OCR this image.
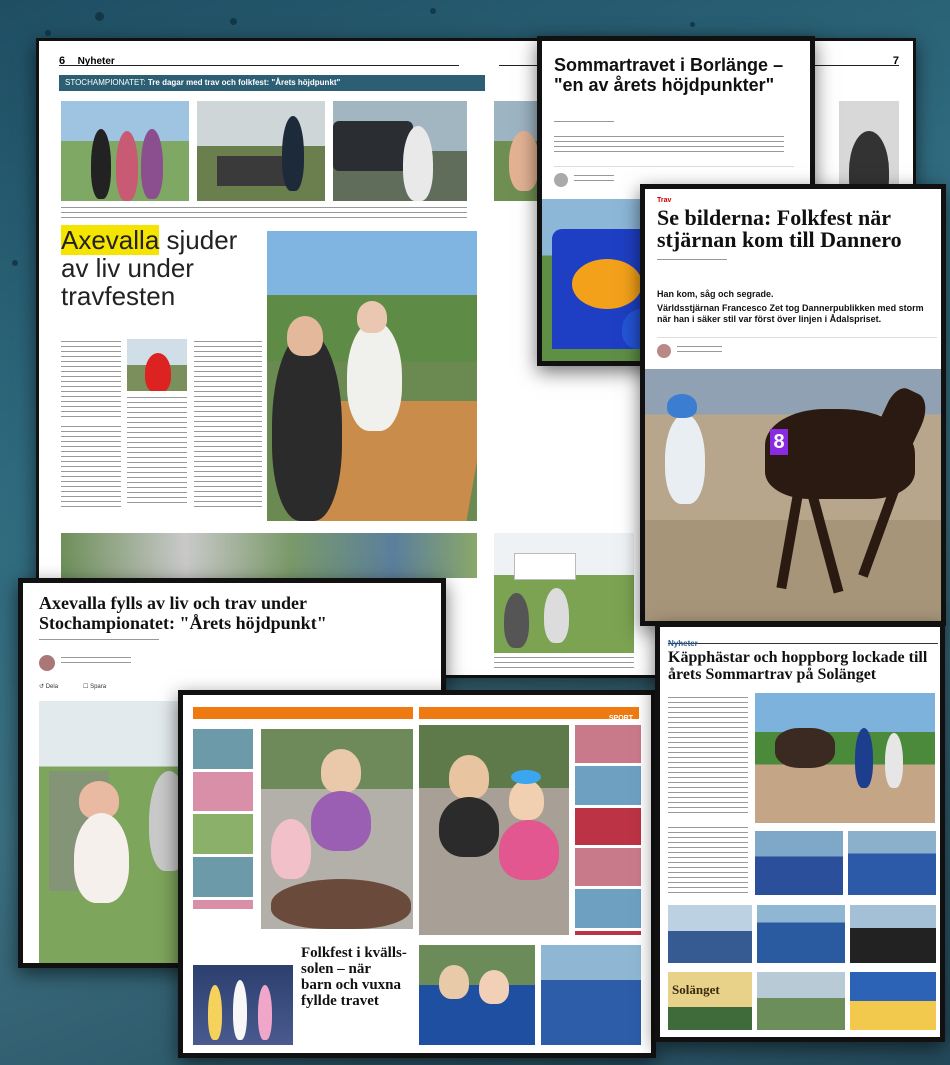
6 Nyheter
STOCHAMPIONATET: Tre dagar med trav och folkfest: "Årets höjdpunkt"
Axevalla sjuder
av liv under
travfesten
7
Sommartravet i Borlänge – "en av årets höjdpunkter"
Trav
Se bilderna: Folkfest när stjärnan kom till Dannero
Han kom, såg och segrade.
Världsstjärnan Francesco Zet tog Dannerpublikken med storm när han i säker stil var först över linjen i Ådalspriset.
8
Axevalla fylls av liv och trav under Stochampionatet: "Årets höjdpunkt"
↺ Dela	☐ Spara
SPORT
Folkfest i kvälls-
solen – när
barn och vuxna
fyllde travet
Nyheter
Käpphästar och hoppborg lockade till årets Sommartrav på Solänget
Solänget
